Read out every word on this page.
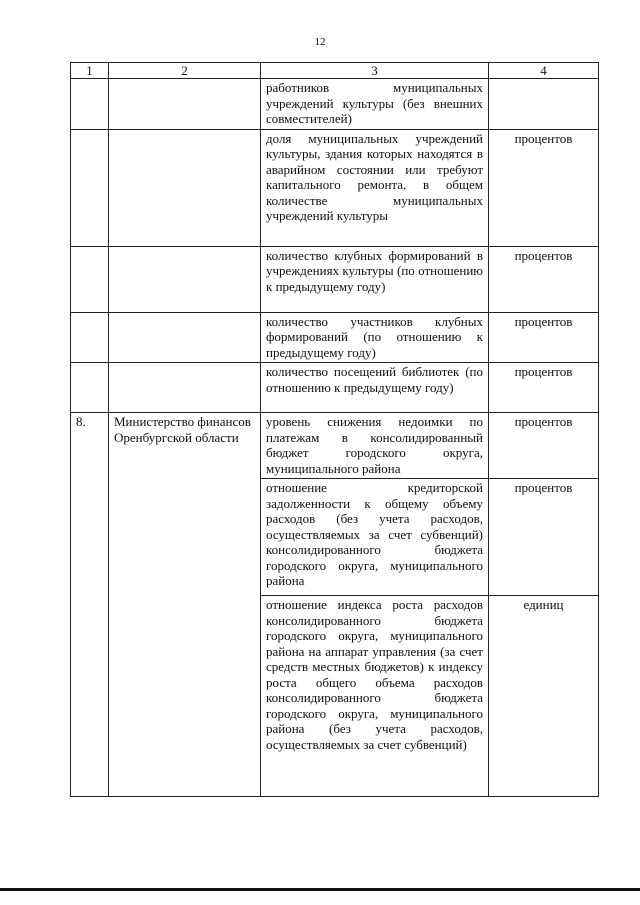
12
1	2	3	4
		работников муниципальных учреждений культуры (без внешних совместителей)	
		доля муниципальных учреждений культуры, здания которых находятся в аварийном состоянии или требуют капитального ремонта, в общем количестве муниципальных учреждений культуры	процентов
		количество клубных формирований в учреждениях культуры (по отношению к предыдущему году)	процентов
		количество участников клубных формирований (по отношению к предыдущему году)	процентов
		количество посещений библиотек (по отношению к предыдущему году)	процентов
8.	Министерство финансов Оренбургской области	уровень снижения недоимки по платежам в консолидированный бюджет городского округа, муниципального района	процентов
		отношение кредиторской задолженности к общему объему расходов (без учета расходов, осуществляемых за счет субвенций) консолидированного бюджета городского округа, муниципального района	процентов
		отношение индекса роста расходов консолидированного бюджета городского округа, муниципального района на аппарат управления (за счет средств местных бюджетов) к индексу роста общего объема расходов консолидированного бюджета городского округа, муниципального района (без учета расходов, осуществляемых за счет субвенций)	единиц
